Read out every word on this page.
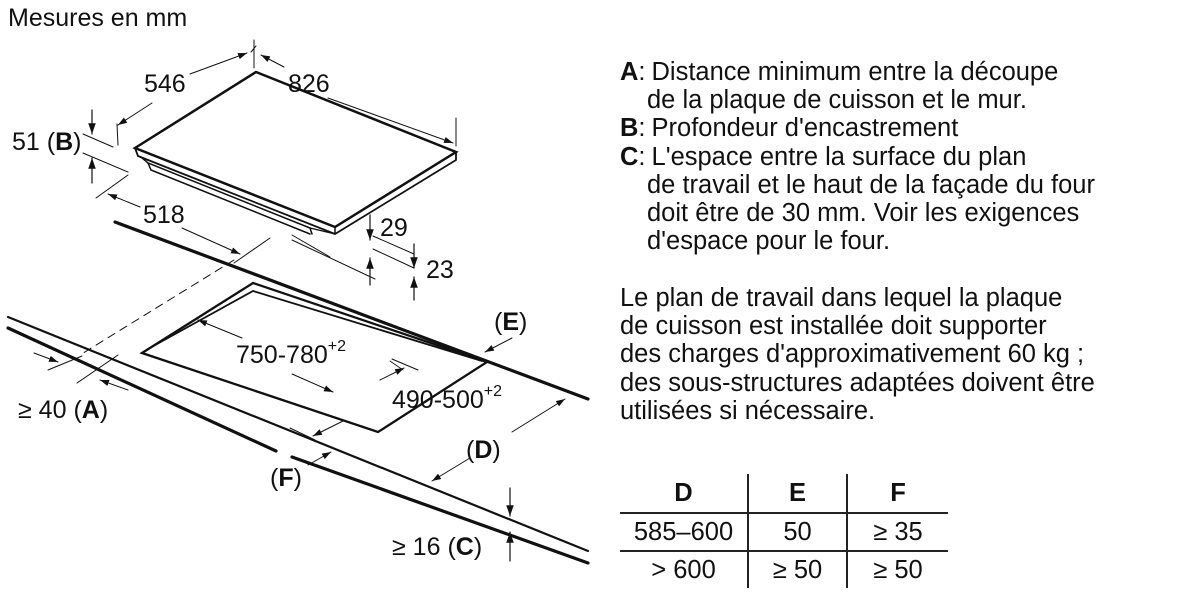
Mesures en mm
546	826
51 (B)
518	29
23
$750-780^{+2}$
$490-500^{+2}$
≥ 40 (A)
(E)
(D)
(F)
≥ 16 (C)
A : Distance minimum entre la découpe
de la plaque de cuisson et le mur.
B : Profondeur d'encastrement
C : L'espace entre la surface du plan
de travail et le haut de la façade du four
doit être de 30 mm. Voir les exigences
d'espace pour le four.
Le plan de travail dans lequel la plaque
de cuisson est installée doit supporter
des charges d'approximativement 60 kg ;
des sous-structures adaptées doivent être
utilisées si nécessaire.
D	E	F
585–600	50	≥ 35
> 600	≥ 50	≥ 50
